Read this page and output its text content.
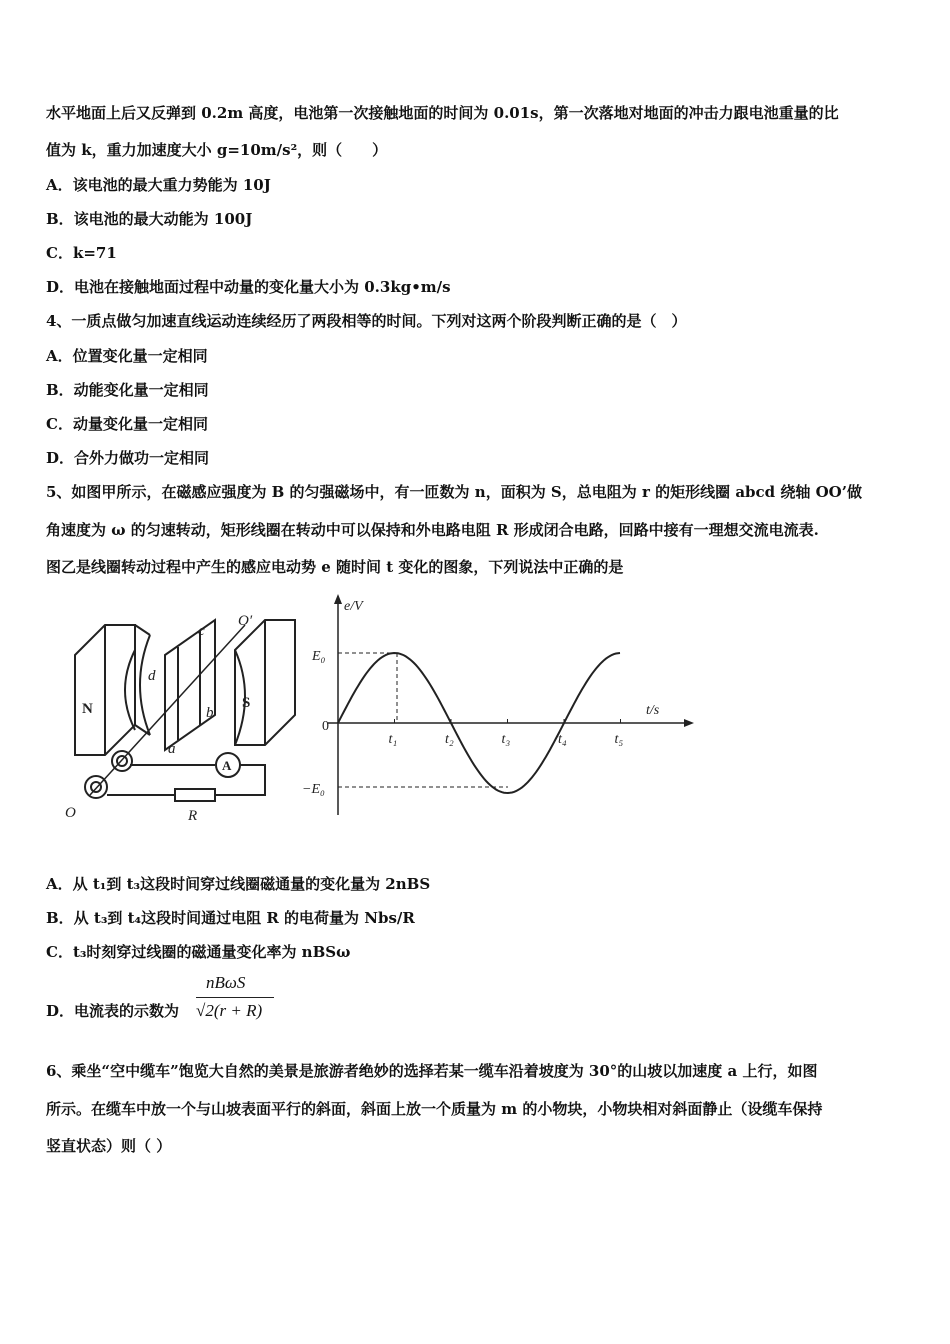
水平地面上后又反弹到 0.2m 高度，电池第一次接触地面的时间为 0.01s，第一次落地对地面的冲击力跟电池重量的比
值为 k，重力加速度大小 g=10m/s²，则（　　）
A．该电池的最大重力势能为 10J
B．该电池的最大动能为 100J
C．k=71
D．电池在接触地面过程中动量的变化量大小为 0.3kg•m/s
4、一质点做匀加速直线运动连续经历了两段相等的时间。下列对这两个阶段判断正确的是（　）
A．位置变化量一定相同
B．动能变化量一定相同
C．动量变化量一定相同
D．合外力做功一定相同
5、如图甲所示，在磁感应强度为 B 的匀强磁场中，有一匝数为 n，面积为 S，总电阻为 r 的矩形线圈 abcd 绕轴 OO’做
角速度为 ω 的匀速转动，矩形线圈在转动中可以保持和外电路电阻 R 形成闭合电路，回路中接有一理想交流电流表.
图乙是线圈转动过程中产生的感应电动势 e 随时间 t 变化的图象，下列说法中正确的是
N
d
c
b
a
S
O′
O
A
R
e/V
t/s
0
E₀
−E₀
t₁	t₂	t₃	t₄	t₅
A．从 t₁到 t₃这段时间穿过线圈磁通量的变化量为 2nBS
B．从 t₃到 t₄这段时间通过电阻 R 的电荷量为 Nbs/R
C．t₃时刻穿过线圈的磁通量变化率为 nBSω
D．电流表的示数为
nBωS
√2(r + R)
6、乘坐“空中缆车”饱览大自然的美景是旅游者绝妙的选择若某一缆车沿着坡度为 30°的山坡以加速度 a 上行，如图
所示。在缆车中放一个与山坡表面平行的斜面，斜面上放一个质量为 m 的小物块，小物块相对斜面静止（设缆车保持
竖直状态）则（ ）
